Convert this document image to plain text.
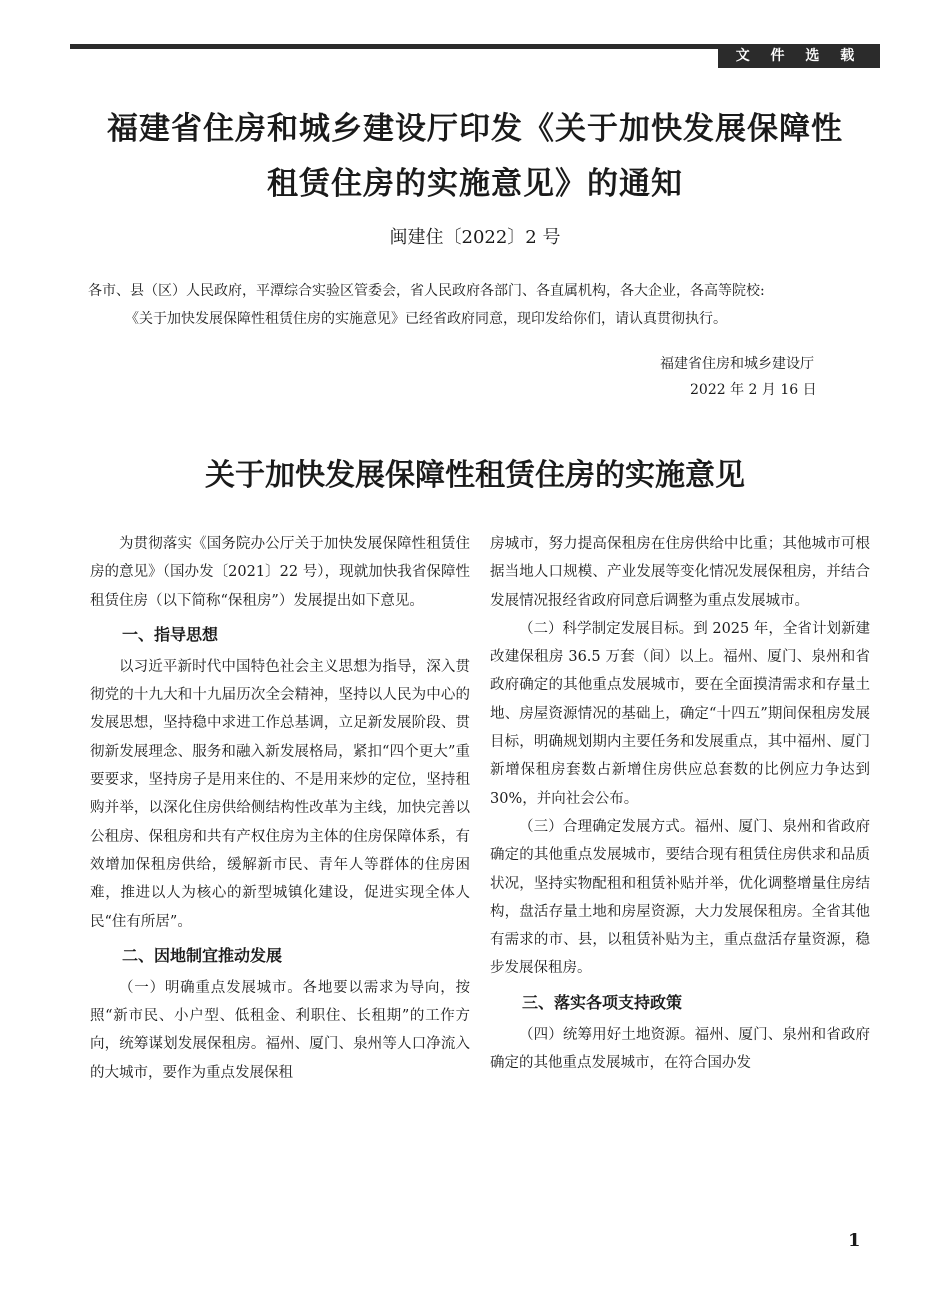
文 件 选 载
福建省住房和城乡建设厅印发《关于加快发展保障性
租赁住房的实施意见》的通知

闽建住〔2022〕2 号

各市、县（区）人民政府，平潭综合实验区管委会，省人民政府各部门、各直属机构，各大企业，各高等院校:

《关于加快发展保障性租赁住房的实施意见》已经省政府同意，现印发给你们，请认真贯彻执行。

福建省住房和城乡建设厅

2022 年 2 月 16 日

关于加快发展保障性租赁住房的实施意见

为贯彻落实《国务院办公厅关于加快发展保障性租赁住房的意见》（国办发〔2021〕22 号），现就加快我省保障性租赁住房（以下简称“保租房”）发展提出如下意见。

一、指导思想

以习近平新时代中国特色社会主义思想为指导，深入贯彻党的十九大和十九届历次全会精神，坚持以人民为中心的发展思想，坚持稳中求进工作总基调，立足新发展阶段、贯彻新发展理念、服务和融入新发展格局，紧扣“四个更大”重要要求，坚持房子是用来住的、不是用来炒的定位，坚持租购并举，以深化住房供给侧结构性改革为主线，加快完善以公租房、保租房和共有产权住房为主体的住房保障体系，有效增加保租房供给，缓解新市民、青年人等群体的住房困难，推进以人为核心的新型城镇化建设，促进实现全体人民“住有所居”。

二、因地制宜推动发展

（一）明确重点发展城市。各地要以需求为导向，按照“新市民、小户型、低租金、利职住、长租期”的工作方向，统筹谋划发展保租房。福州、厦门、泉州等人口净流入的大城市，要作为重点发展保租

房城市，努力提高保租房在住房供给中比重；其他城市可根据当地人口规模、产业发展等变化情况发展保租房，并结合发展情况报经省政府同意后调整为重点发展城市。

（二）科学制定发展目标。到 2025 年，全省计划新建改建保租房 36.5 万套（间）以上。福州、厦门、泉州和省政府确定的其他重点发展城市，要在全面摸清需求和存量土地、房屋资源情况的基础上，确定“十四五”期间保租房发展目标，明确规划期内主要任务和发展重点，其中福州、厦门新增保租房套数占新增住房供应总套数的比例应力争达到 30%，并向社会公布。

（三）合理确定发展方式。福州、厦门、泉州和省政府确定的其他重点发展城市，要结合现有租赁住房供求和品质状况，坚持实物配租和租赁补贴并举，优化调整增量住房结构，盘活存量土地和房屋资源，大力发展保租房。全省其他有需求的市、县，以租赁补贴为主，重点盘活存量资源，稳步发展保租房。

三、落实各项支持政策

（四）统筹用好土地资源。福州、厦门、泉州和省政府确定的其他重点发展城市，在符合国办发

1
